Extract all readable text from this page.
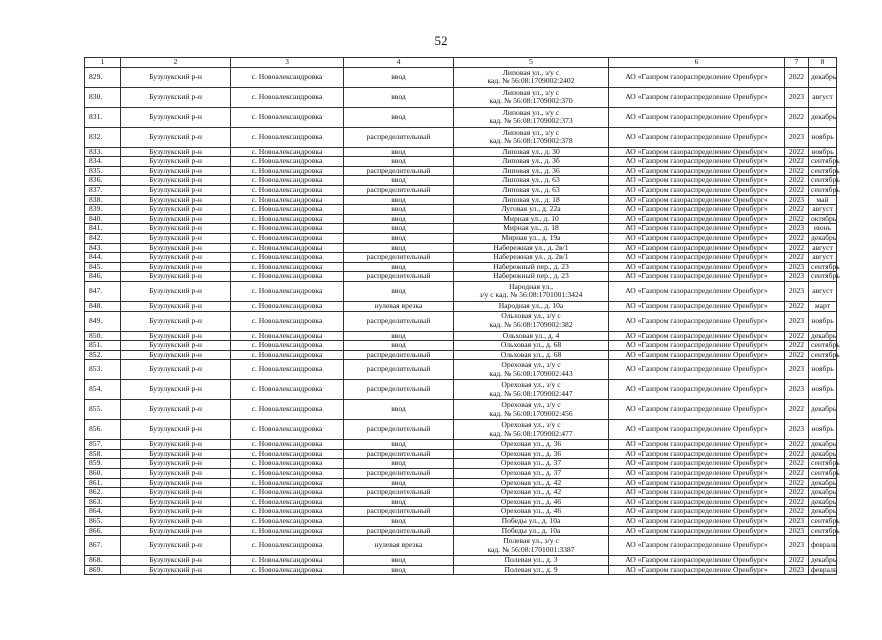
52
1	2	3	4	5	6	7	8
829.	Бузулукский р-н	с. Новоалександровка	ввод	Липовая ул., з/у с
кад. № 56:08:1709002:2402	АО «Газпром газораспределение Оренбург»	2022	декабрь
830.	Бузулукский р-н	с. Новоалександровка	ввод	Липовая ул., з/у с
кад. № 56:08:1709002:370	АО «Газпром газораспределение Оренбург»	2023	август
831.	Бузулукский р-н	с. Новоалександровка	ввод	Липовая ул., з/у с
кад. № 56:08:1709002:373	АО «Газпром газораспределение Оренбург»	2022	декабрь
832.	Бузулукский р-н	с. Новоалександровка	распределительный	Липовая ул., з/у с
кад. № 56:08:1709002:378	АО «Газпром газораспределение Оренбург»	2023	ноябрь
833.	Бузулукский р-н	с. Новоалександровка	ввод	Липовая ул., д. 30	АО «Газпром газораспределение Оренбург»	2022	ноябрь
834.	Бузулукский р-н	с. Новоалександровка	ввод	Липовая ул., д. 3б	АО «Газпром газораспределение Оренбург»	2022	сентябрь
835.	Бузулукский р-н	с. Новоалександровка	распределительный	Липовая ул., д. 36	АО «Газпром газораспределение Оренбург»	2022	сентябрь
836.	Бузулукский р-н	с. Новоалександровка	ввод	Липовая ул., д. 63	АО «Газпром газораспределение Оренбург»	2022	сентябрь
837.	Бузулукский р-н	с. Новоалександровка	распределительный	Липовая ул., д. 63	АО «Газпром газораспределение Оренбург»	2022	сентябрь
838.	Бузулукский р-н	с. Новоалександровка	ввод	Липовая ул., д. 18	АО «Газпром газораспределение Оренбург»	2023	май
839.	Бузулукский р-н	с. Новоалександровка	ввод	Луговая ул., д. 22а	АО «Газпром газораспределение Оренбург»	2022	август
840.	Бузулукский р-н	с. Новоалександровка	ввод	Мирная ул., д. 10	АО «Газпром газораспределение Оренбург»	2022	октябрь
841.	Бузулукский р-н	с. Новоалександровка	ввод	Мирная ул., д. 18	АО «Газпром газораспределение Оренбург»	2023	июнь
842.	Бузулукский р-н	с. Новоалександровка	ввод	Мирная ул., д. 19а	АО «Газпром газораспределение Оренбург»	2022	декабрь
843.	Бузулукский р-н	с. Новоалександровка	ввод	Набережная ул., д. 2в/1	АО «Газпром газораспределение Оренбург»	2022	август
844.	Бузулукский р-н	с. Новоалександровка	распределительный	Набережная ул., д. 2в/1	АО «Газпром газораспределение Оренбург»	2022	август
845.	Бузулукский р-н	с. Новоалександровка	ввод	Набережный пер., д. 23	АО «Газпром газораспределение Оренбург»	2023	сентябрь
846.	Бузулукский р-н	с. Новоалександровка	распределительный	Набережный пер., д. 23	АО «Газпром газораспределение Оренбург»	2023	сентябрь
847.	Бузулукский р-н	с. Новоалександровка	ввод	Народная ул.,
з/у с кад. № 56:08:1701001:3424	АО «Газпром газораспределение Оренбург»	2023	август
848.	Бузулукский р-н	с. Новоалександровка	нулевая врезка	Народная ул., д. 10а	АО «Газпром газораспределение Оренбург»	2022	март
849.	Бузулукский р-н	с. Новоалександровка	распределительный	Ольховая ул., з/у с
кад. № 56:08:1709002:382	АО «Газпром газораспределение Оренбург»	2023	ноябрь
850.	Бузулукский р-н	с. Новоалександровка	ввод	Ольховая ул., д. 4	АО «Газпром газораспределение Оренбург»	2022	декабрь
851.	Бузулукский р-н	с. Новоалександровка	ввод	Ольховая ул., д. 68	АО «Газпром газораспределение Оренбург»	2022	сентябрь
852.	Бузулукский р-н	с. Новоалександровка	распределительный	Ольховая ул., д. 68	АО «Газпром газораспределение Оренбург»	2022	сентябрь
853.	Бузулукский р-н	с. Новоалександровка	распределительный	Ореховая ул., з/у с
кад. № 56:08:1709002:443	АО «Газпром газораспределение Оренбург»	2023	ноябрь
854.	Бузулукский р-н	с. Новоалександровка	распределительный	Ореховая ул., з/у с
кад. № 56:08:1709002:447	АО «Газпром газораспределение Оренбург»	2023	ноябрь
855.	Бузулукский р-н	с. Новоалександровка	ввод	Ореховая ул., з/у с
кад. № 56:08:1709002:456	АО «Газпром газораспределение Оренбург»	2022	декабрь
856.	Бузулукский р-н	с. Новоалександровка	распределительный	Ореховая ул., з/у с
кад. № 56:08:1709002:477	АО «Газпром газораспределение Оренбург»	2023	ноябрь
857.	Бузулукский р-н	с. Новоалександровка	ввод	Ореховая ул., д. 36	АО «Газпром газораспределение Оренбург»	2022	декабрь
858.	Бузулукский р-н	с. Новоалександровка	распределительный	Ореховая ул., д. 36	АО «Газпром газораспределение Оренбург»	2022	декабрь
859.	Бузулукский р-н	с. Новоалександровка	ввод	Ореховая ул., д. 37	АО «Газпром газораспределение Оренбург»	2022	сентябрь
860.	Бузулукский р-н	с. Новоалександровка	распределительный	Ореховая ул., д. 37	АО «Газпром газораспределение Оренбург»	2022	сентябрь
861.	Бузулукский р-н	с. Новоалександровка	ввод	Ореховая ул., д. 42	АО «Газпром газораспределение Оренбург»	2022	декабрь
862.	Бузулукский р-н	с. Новоалександровка	распределительный	Ореховая ул., д. 42	АО «Газпром газораспределение Оренбург»	2022	декабрь
863.	Бузулукский р-н	с. Новоалександровка	ввод	Ореховая ул., д. 46	АО «Газпром газораспределение Оренбург»	2022	декабрь
864.	Бузулукский р-н	с. Новоалександровка	распределительный	Ореховая ул., д. 46	АО «Газпром газораспределение Оренбург»	2022	декабрь
865.	Бузулукский р-н	с. Новоалександровка	ввод	Победы ул., д. 10а	АО «Газпром газораспределение Оренбург»	2023	сентябрь
866.	Бузулукский р-н	с. Новоалександровка	распределительный	Победы ул., д. 10а	АО «Газпром газораспределение Оренбург»	2023	сентябрь
867.	Бузулукский р-н	с. Новоалександровка	нулевая врезка	Полевая ул., з/у с
кад. № 56:08:1701001:3387	АО «Газпром газораспределение Оренбург»	2023	февраль
868.	Бузулукский р-н	с. Новоалександровка	ввод	Полевая ул., д. 3	АО «Газпром газораспределение Оренбург»	2022	декабрь
869.	Бузулукский р-н	с. Новоалександровка	ввод	Полевая ул., д. 9	АО «Газпром газораспределение Оренбург»	2023	февраль
